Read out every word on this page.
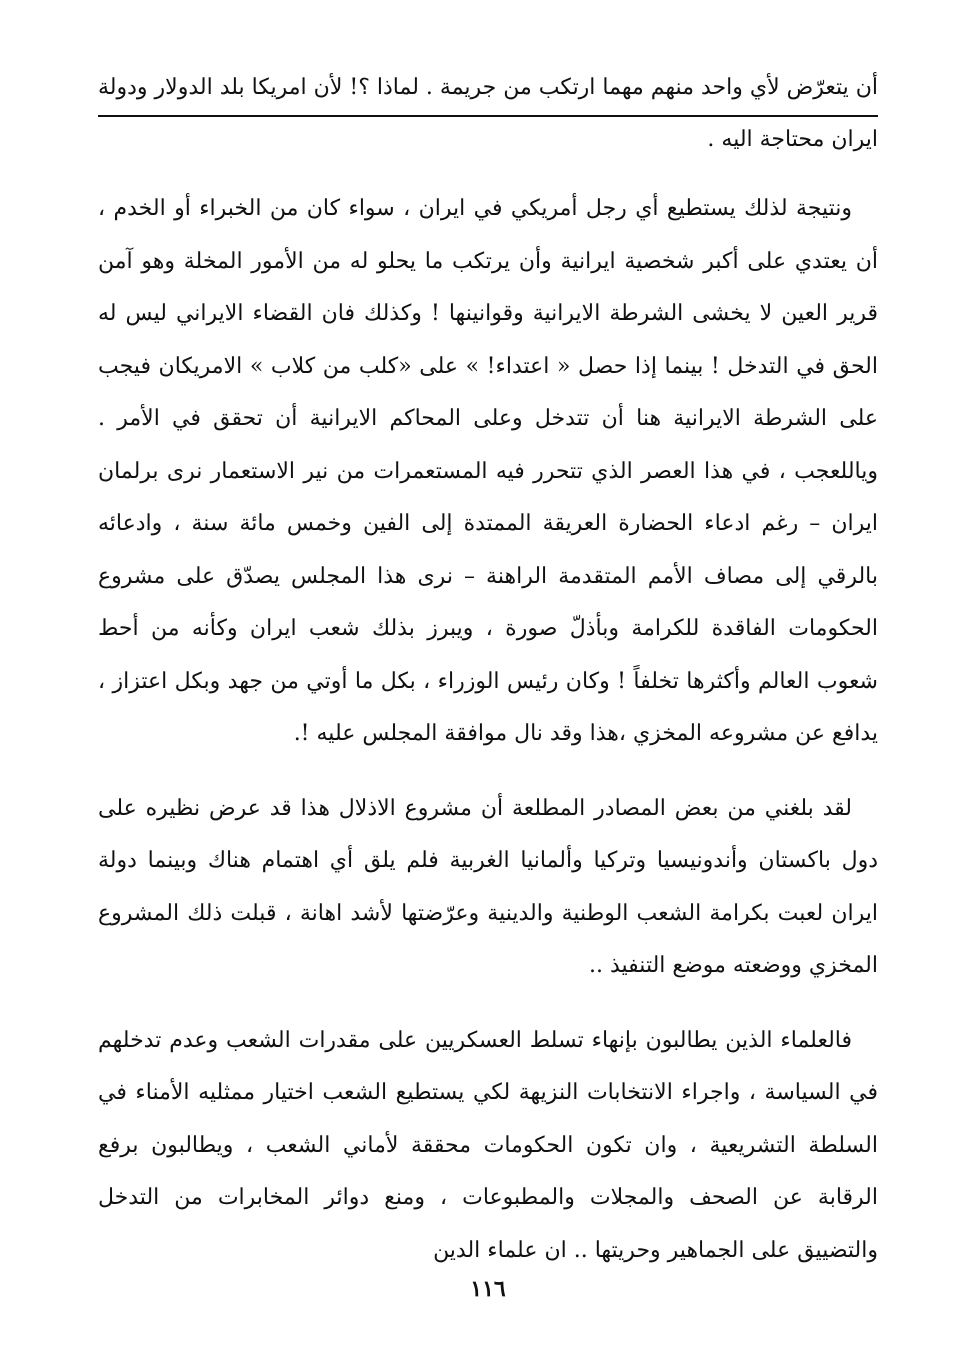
أن يتعرّض لأي واحد منهم مهما ارتكب من جريمة . لماذا ؟! لأن امريكا بلد الدولار ودولة ايران محتاجة اليه .

ونتيجة لذلك يستطيع أي رجل أمريكي في ايران ، سواء كان من الخبراء أو الخدم ، أن يعتدي على أكبر شخصية ايرانية وأن يرتكب ما يحلو له من الأمور المخلة وهو آمن قرير العين لا يخشى الشرطة الايرانية وقوانينها ! وكذلك فان القضاء الايراني ليس له الحق في التدخل ! بينما إذا حصل « اعتداء! » على «كلب من كلاب » الامريكان فيجب على الشرطة الايرانية هنا أن تتدخل وعلى المحاكم الايرانية أن تحقق في الأمر . وياللعجب ، في هذا العصر الذي تتحرر فيه المستعمرات من نير الاستعمار نرى برلمان ايران – رغم ادعاء الحضارة العريقة الممتدة إلى الفين وخمس مائة سنة ، وادعائه بالرقي إلى مصاف الأمم المتقدمة الراهنة – نرى هذا المجلس يصدّق على مشروع الحكومات الفاقدة للكرامة وبأذلّ صورة ، ويبرز بذلك شعب ايران وكأنه من أحط شعوب العالم وأكثرها تخلفاً ! وكان رئيس الوزراء ، بكل ما أوتي من جهد وبكل اعتزاز ، يدافع عن مشروعه المخزي ،هذا وقد نال موافقة المجلس عليه !.

لقد بلغني من بعض المصادر المطلعة أن مشروع الاذلال هذا قد عرض نظيره على دول باكستان وأندونيسيا وتركيا وألمانيا الغربية فلم يلق أي اهتمام هناك وبينما دولة ايران لعبت بكرامة الشعب الوطنية والدينية وعرّضتها لأشد اهانة ، قبلت ذلك المشروع المخزي ووضعته موضع التنفيذ ..

فالعلماء الذين يطالبون بإنهاء تسلط العسكريين على مقدرات الشعب وعدم تدخلهم في السياسة ، واجراء الانتخابات النزيهة لكي يستطيع الشعب اختيار ممثليه الأمناء في السلطة التشريعية ، وان تكون الحكومات محققة لأماني الشعب ، ويطالبون برفع الرقابة عن الصحف والمجلات والمطبوعات ، ومنع دوائر المخابرات من التدخل والتضييق على الجماهير وحريتها .. ان علماء الدين

١١٦
